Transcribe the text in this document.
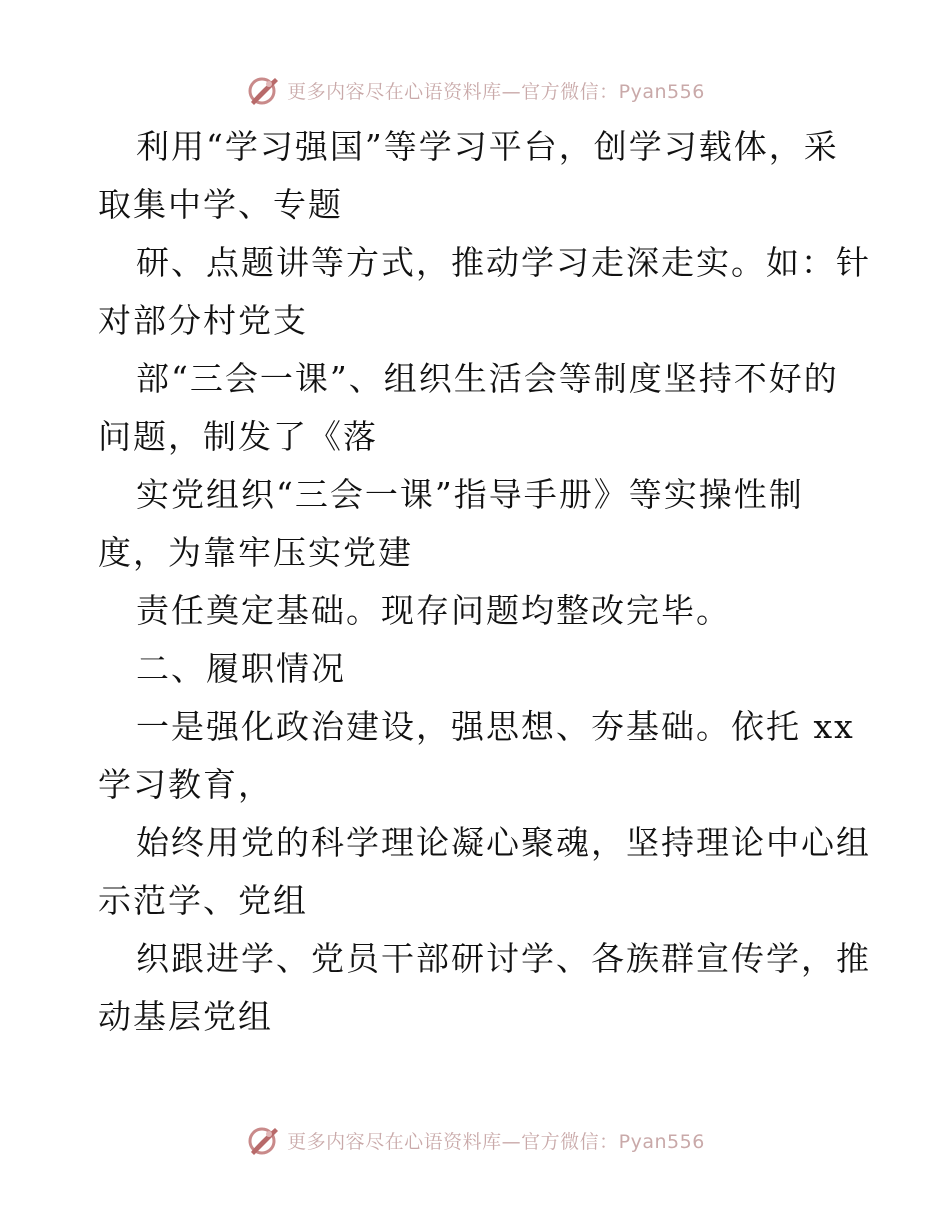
更多内容尽在心语资料库—官方微信：Pyan556
利用“学习强国”等学习平台，创学习载体，采
取集中学、专题
研、点题讲等方式，推动学习走深走实。如：针
对部分村党支
部“三会一课”、组织生活会等制度坚持不好的
问题，制发了《落
实党组织“三会一课”指导手册》等实操性制
度，为靠牢压实党建
责任奠定基础。现存问题均整改完毕。
二、履职情况
一是强化政治建设，强思想、夯基础。依托 xx
学习教育，
始终用党的科学理论凝心聚魂，坚持理论中心组
示范学、党组
织跟进学、党员干部研讨学、各族群宣传学，推
动基层党组
更多内容尽在心语资料库—官方微信：Pyan556
